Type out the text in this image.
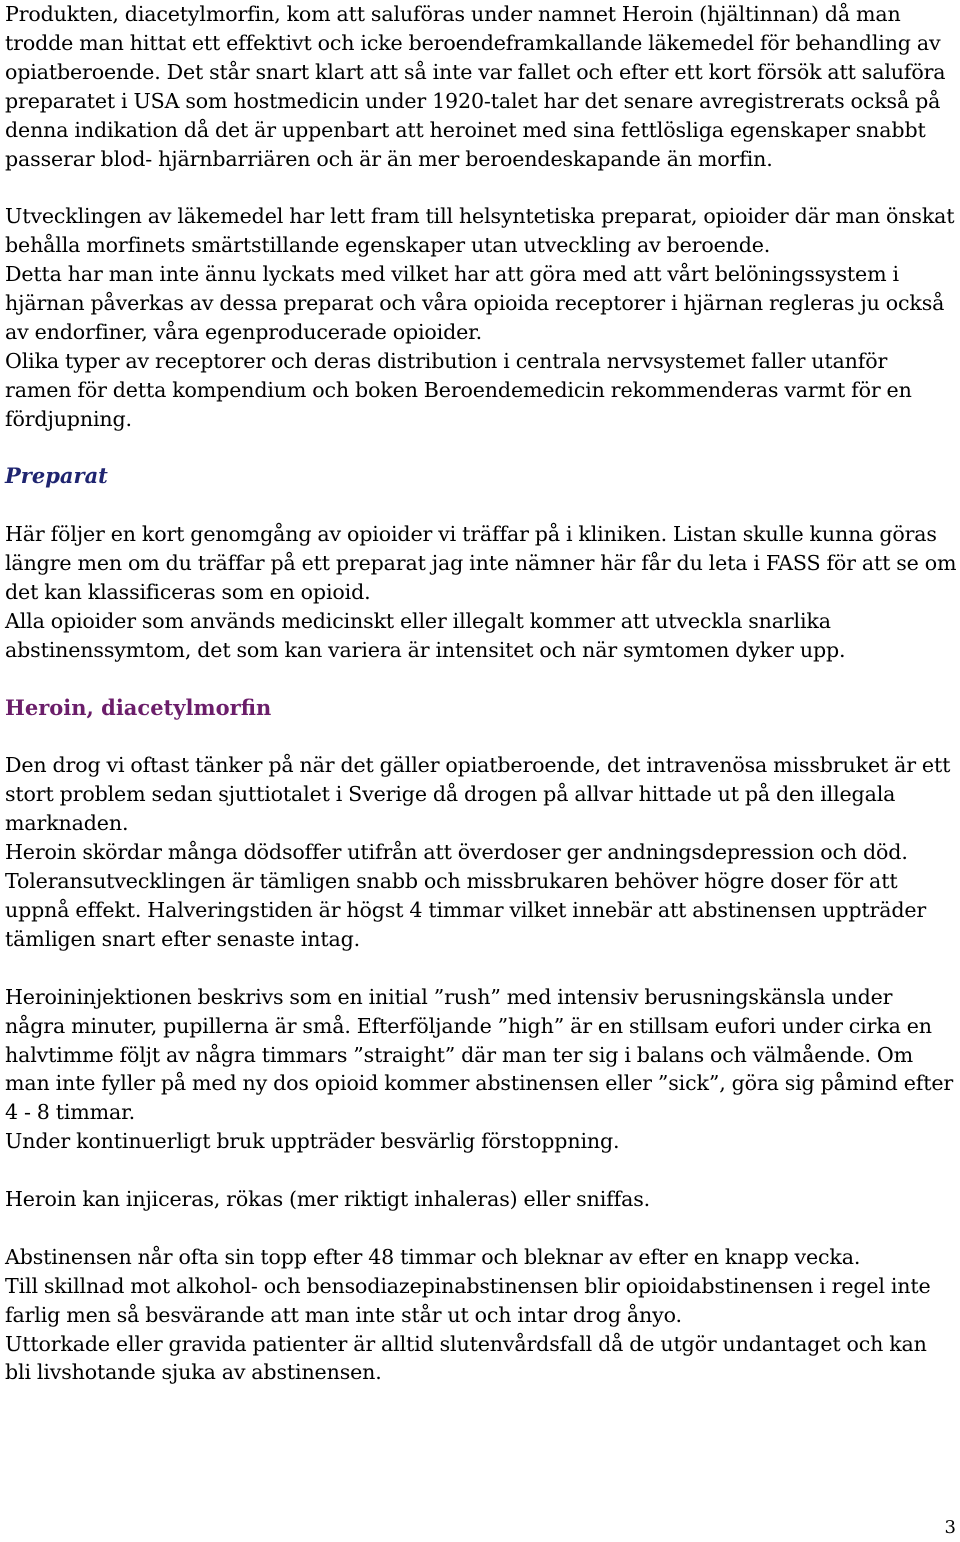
Produkten, diacetylmorfin, kom att saluföras under namnet Heroin (hjältinnan) då man trodde man hittat ett effektivt och icke beroendeframkallande läkemedel för behandling av opiatberoende. Det står snart klart att så inte var fallet och efter ett kort försök att saluföra preparatet i USA som hostmedicin under 1920-talet har det senare avregistrerats också på denna indikation då det är uppenbart att heroinet med sina fettlösliga egenskaper snabbt passerar blod- hjärnbarriären och är än mer beroendeskapande än morfin.

Utvecklingen av läkemedel har lett fram till helsyntetiska preparat, opioider där man önskat behålla morfinets smärtstillande egenskaper utan utveckling av beroende.

Detta har man inte ännu lyckats med vilket har att göra med att vårt belöningssystem i hjärnan påverkas av dessa preparat och våra opioida receptorer i hjärnan regleras ju också av endorfiner, våra egenproducerade opioider.

Olika typer av receptorer och deras distribution i centrala nervsystemet faller utanför ramen för detta kompendium och boken Beroendemedicin rekommenderas varmt för en fördjupning.

Preparat

Här följer en kort genomgång av opioider vi träffar på i kliniken. Listan skulle kunna göras längre men om du träffar på ett preparat jag inte nämner här får du leta i FASS för att se om det kan klassificeras som en opioid.

Alla opioider som används medicinskt eller illegalt kommer att utveckla snarlika abstinenssymtom, det som kan variera är intensitet och när symtomen dyker upp.

Heroin, diacetylmorfin

Den drog vi oftast tänker på när det gäller opiatberoende, det intravenösa missbruket är ett stort problem sedan sjuttiotalet i Sverige då drogen på allvar hittade ut på den illegala marknaden.

Heroin skördar många dödsoffer utifrån att överdoser ger andningsdepression och död. Toleransutvecklingen är tämligen snabb och missbrukaren behöver högre doser för att uppnå effekt. Halveringstiden är högst 4 timmar vilket innebär att abstinensen uppträder tämligen snart efter senaste intag.

Heroininjektionen beskrivs som en initial ”rush” med intensiv berusningskänsla under några minuter, pupillerna är små. Efterföljande ”high” är en stillsam eufori under cirka en halvtimme följt av några timmars ”straight” där man ter sig i balans och välmående. Om man inte fyller på med ny dos opioid kommer abstinensen eller ”sick”, göra sig påmind efter 4 - 8 timmar.

Under kontinuerligt bruk uppträder besvärlig förstoppning.

Heroin kan injiceras, rökas (mer riktigt inhaleras) eller sniffas.

Abstinensen når ofta sin topp efter 48 timmar och bleknar av efter en knapp vecka.

Till skillnad mot alkohol- och bensodiazepinabstinensen blir opioidabstinensen i regel inte farlig men så besvärande att man inte står ut och intar drog ånyo.

Uttorkade eller gravida patienter är alltid slutenvårdsfall då de utgör undantaget och kan bli livshotande sjuka av abstinensen.

3
